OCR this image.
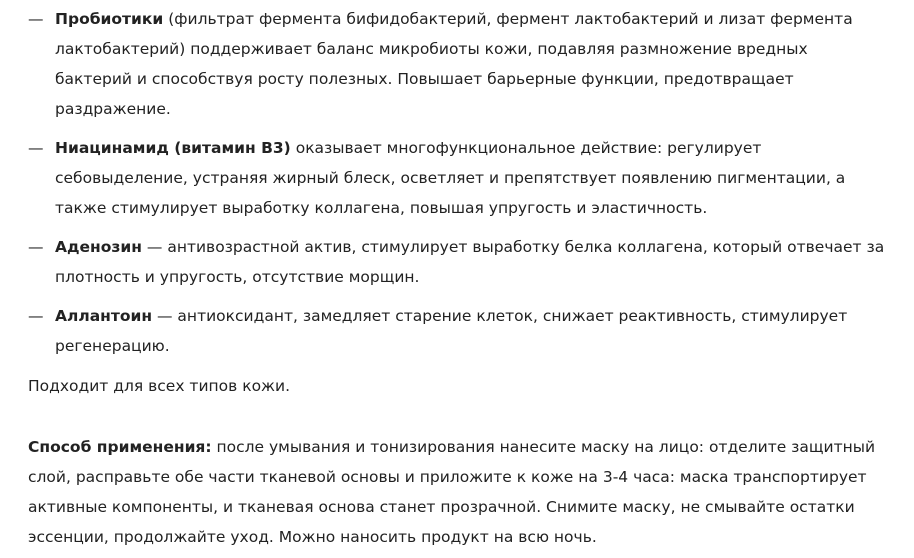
— Пробиотики (фильтрат фермента бифидобактерий, фермент лактобактерий и лизат фермента лактобактерий) поддерживает баланс микробиоты кожи, подавляя размножение вредных бактерий и способствуя росту полезных. Повышает барьерные функции, предотвращает раздражение.
— Ниацинамид (витамин В3) оказывает многофункциональное действие: регулирует себовыделение, устраняя жирный блеск, осветляет и препятствует появлению пигментации, а также стимулирует выработку коллагена, повышая упругость и эластичность.
— Аденозин — антивозрастной актив, стимулирует выработку белка коллагена, который отвечает за плотность и упругость, отсутствие морщин.
— Аллантоин — антиоксидант, замедляет старение клеток, снижает реактивность, стимулирует регенерацию.

Подходит для всех типов кожи.

Способ применения: после умывания и тонизирования нанесите маску на лицо: отделите защитный слой, расправьте обе части тканевой основы и приложите к коже на 3-4 часа: маска транспортирует активные компоненты, и тканевая основа станет прозрачной. Снимите маску, не смывайте остатки эссенции, продолжайте уход. Можно наносить продукт на всю ночь.
